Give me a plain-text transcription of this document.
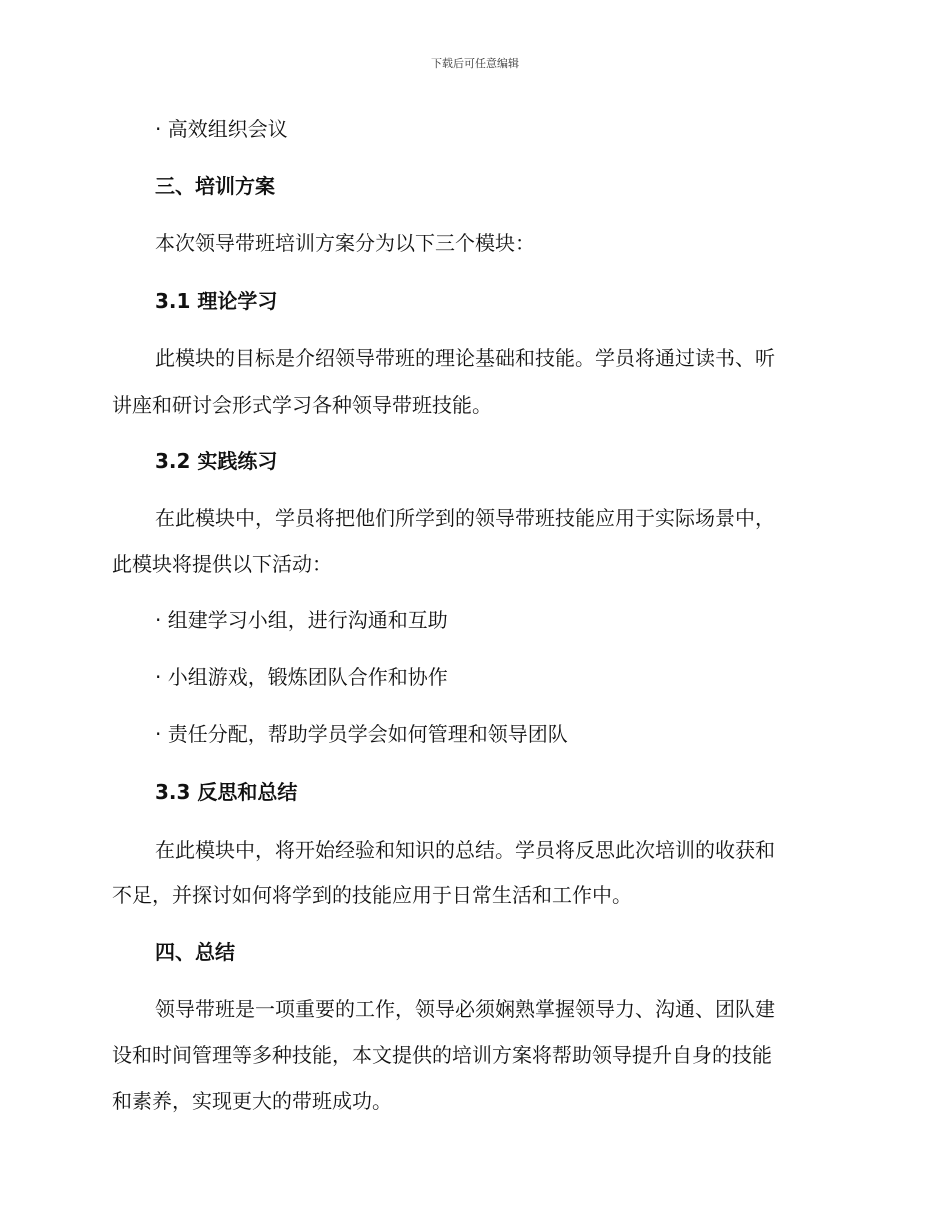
下载后可任意编辑
· 高效组织会议
三、培训方案
本次领导带班培训方案分为以下三个模块：
3.1 理论学习
此模块的目标是介绍领导带班的理论基础和技能。学员将通过读书、听
讲座和研讨会形式学习各种领导带班技能。
3.2 实践练习
在此模块中，学员将把他们所学到的领导带班技能应用于实际场景中，
此模块将提供以下活动：
· 组建学习小组，进行沟通和互助
· 小组游戏，锻炼团队合作和协作
· 责任分配，帮助学员学会如何管理和领导团队
3.3 反思和总结
在此模块中，将开始经验和知识的总结。学员将反思此次培训的收获和
不足，并探讨如何将学到的技能应用于日常生活和工作中。
四、总结
领导带班是一项重要的工作，领导必须娴熟掌握领导力、沟通、团队建
设和时间管理等多种技能，本文提供的培训方案将帮助领导提升自身的技能
和素养，实现更大的带班成功。
